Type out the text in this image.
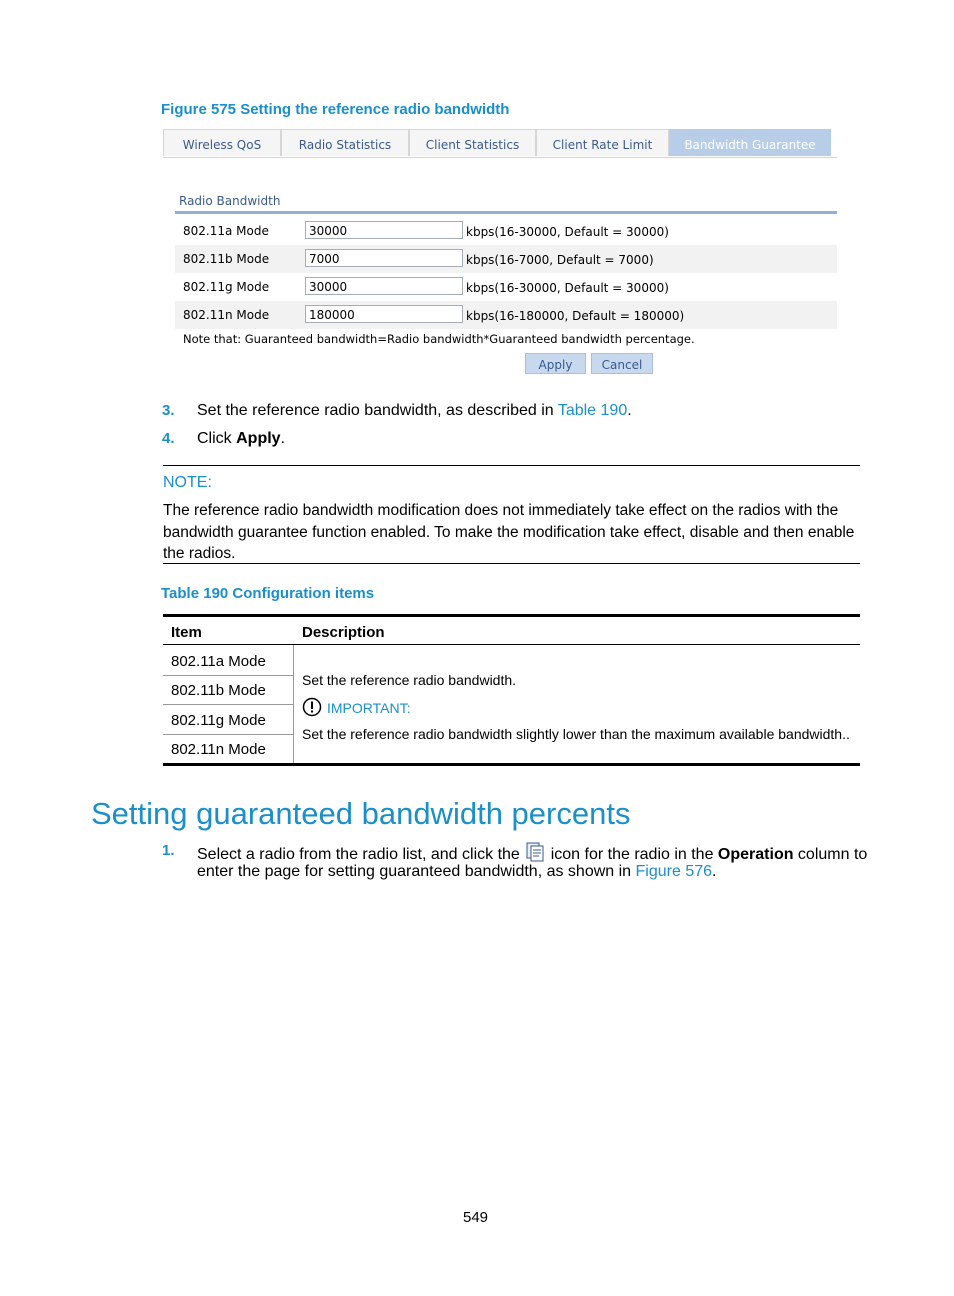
Figure 575 Setting the reference radio bandwidth
Wireless QoS	Radio Statistics	Client Statistics	Client Rate Limit	Bandwidth Guarantee
Radio Bandwidth
802.11a Mode	30000	kbps(16-30000, Default = 30000)
802.11b Mode	7000	kbps(16-7000, Default = 7000)
802.11g Mode	30000	kbps(16-30000, Default = 30000)
802.11n Mode	180000	kbps(16-180000, Default = 180000)
Note that: Guaranteed bandwidth=Radio bandwidth*Guaranteed bandwidth percentage.
Apply	Cancel
3. Set the reference radio bandwidth, as described in Table 190.
4. Click Apply.
NOTE:
The reference radio bandwidth modification does not immediately take effect on the radios with the bandwidth guarantee function enabled. To make the modification take effect, disable and then enable the radios.
Table 190 Configuration items
Item	Description
802.11a Mode
802.11b Mode
802.11g Mode
802.11n Mode
Set the reference radio bandwidth.
IMPORTANT:
Set the reference radio bandwidth slightly lower than the maximum available bandwidth..
Setting guaranteed bandwidth percents
1. Select a radio from the radio list, and click the  icon for the radio in the Operation column to
enter the page for setting guaranteed bandwidth, as shown in Figure 576.
549
